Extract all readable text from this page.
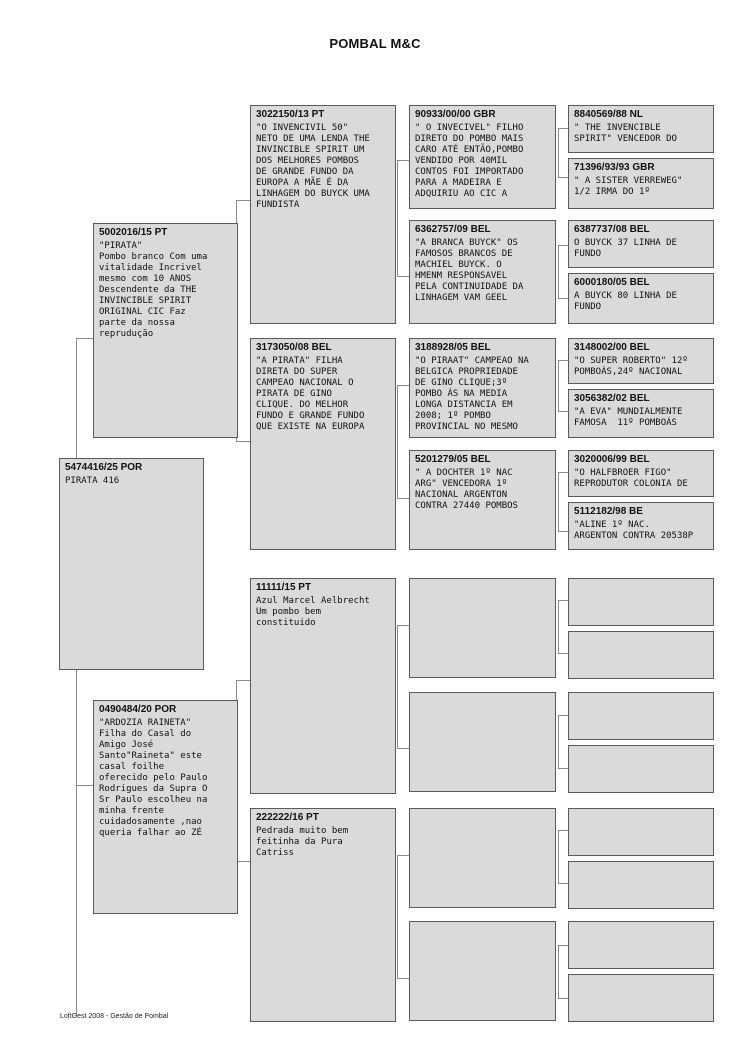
POMBAL M&C
5474416/25 POR
PIRATA 416
5002016/15 PT
"PIRATA"
Pombo branco Com uma
vitalidade Incrivel
mesmo com 10 ANOS
Descendente da THE
INVINCIBLE SPIRIT
ORIGINAL CIC Faz
parte da nossa
reprudução
0490484/20 POR
"ARDOZIA RAINETA"
Filha do Casal do
Amigo José
Santo"Raineta" este
casal foilhe
oferecido pelo Paulo
Rodrigues da Supra O
Sr Paulo escolheu na
minha frente
cuidadosamente ,nao
queria falhar ao ZÉ
3022150/13 PT
"O INVENCIVIL 50"
NETO DE UMA LENDA THE
INVINCIBLE SPIRIT UM
DOS MELHORES POMBOS
DE GRANDE FUNDO DA
EUROPA A MÃE É DA
LINHAGEM DO BUYCK UMA
FUNDISTA
3173050/08 BEL
"A PIRATA" FILHA
DIRETA DO SUPER
CAMPEAO NACIONAL O
PIRATA DE GINO
CLIQUE. DO MELHOR
FUNDO E GRANDE FUNDO
QUE EXISTE NA EUROPA
11111/15 PT
Azul Marcel Aelbrecht
Um pombo bem
constituido
222222/16 PT
Pedrada muito bem
feitinha da Pura
Catriss
90933/00/00 GBR
" O INVECIVEL" FILHO
DIRETO DO POMBO MAIS
CARO ATÉ ENTÃO,POMBO
VENDIDO POR 40MIL
CONTOS FOI IMPORTADO
PARA A MADEIRA E
ADQUIRIU AO CIC A
6362757/09 BEL
"A BRANCA BUYCK" OS
FAMOSOS BRANCOS DE
MACHIEL BUYCK. O
HMENM RESPONSAVEL
PELA CONTINUIDADE DA
LINHAGEM VAM GEEL
3188928/05 BEL
"O PIRAAT" CAMPEAO NA
BELGICA PROPRIEDADE
DE GINO CLIQUE;3º
POMBO ÁS NA MEDIA
LONGA DISTANCIA EM
2008; 1º POMBO
PROVINCIAL NO MESMO
5201279/05 BEL
" A DOCHTER 1º NAC
ARG" VENCEDORA 1º
NACIONAL ARGENTON
CONTRA 27440 POMBOS
8840569/88 NL
" THE INVENCIBLE
SPIRIT" VENCEDOR DO
71396/93/93 GBR
" A SISTER VERREWEG"
1/2 IRMA DO 1º
6387737/08 BEL
O BUYCK 37 LINHA DE
FUNDO
6000180/05 BEL
A BUYCK 80 LINHA DE
FUNDO
3148002/00 BEL
"O SUPER ROBERTO" 12º
POMBOÁS,24º NACIONAL
3056382/02 BEL
"A EVA" MUNDIALMENTE
FAMOSA  11º POMBOÁS
3020006/99 BEL
"O HALFBROER FIGO"
REPRODUTOR COLONIA DE
5112182/98 BE
"ALINE 1º NAC.
ARGENTON CONTRA 20538P
LoftGest 2008 - Gestão de Pombal
